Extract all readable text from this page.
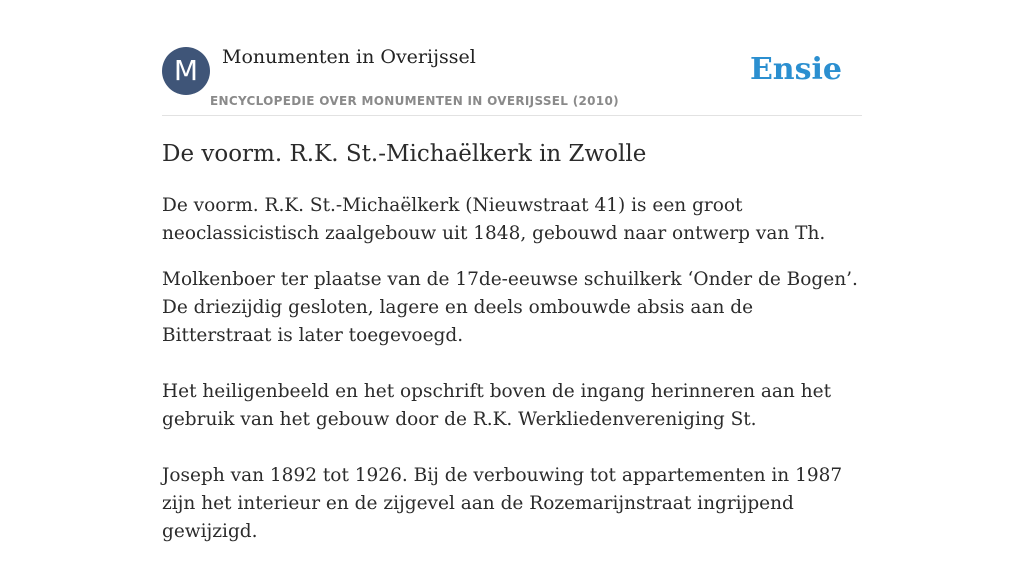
M	Monumenten in Overijssel
ENCYCLOPEDIE OVER MONUMENTEN IN OVERIJSSEL (2010)
Ensie
De voorm. R.K. St.-Michaëlkerk in Zwolle

De voorm. R.K. St.-Michaëlkerk (Nieuwstraat 41) is een groot neoclassicistisch zaalgebouw uit 1848, gebouwd naar ontwerp van Th.

Molkenboer ter plaatse van de 17de-eeuwse schuilkerk ‘Onder de Bogen’. De driezijdig gesloten, lagere en deels ombouwde absis aan de Bitterstraat is later toegevoegd.

Het heiligenbeeld en het opschrift boven de ingang herinneren aan het gebruik van het gebouw door de R.K. Werkliedenvereniging St.

Joseph van 1892 tot 1926. Bij de verbouwing tot appartementen in 1987 zijn het interieur en de zijgevel aan de Rozemarijnstraat ingrijpend gewijzigd.
